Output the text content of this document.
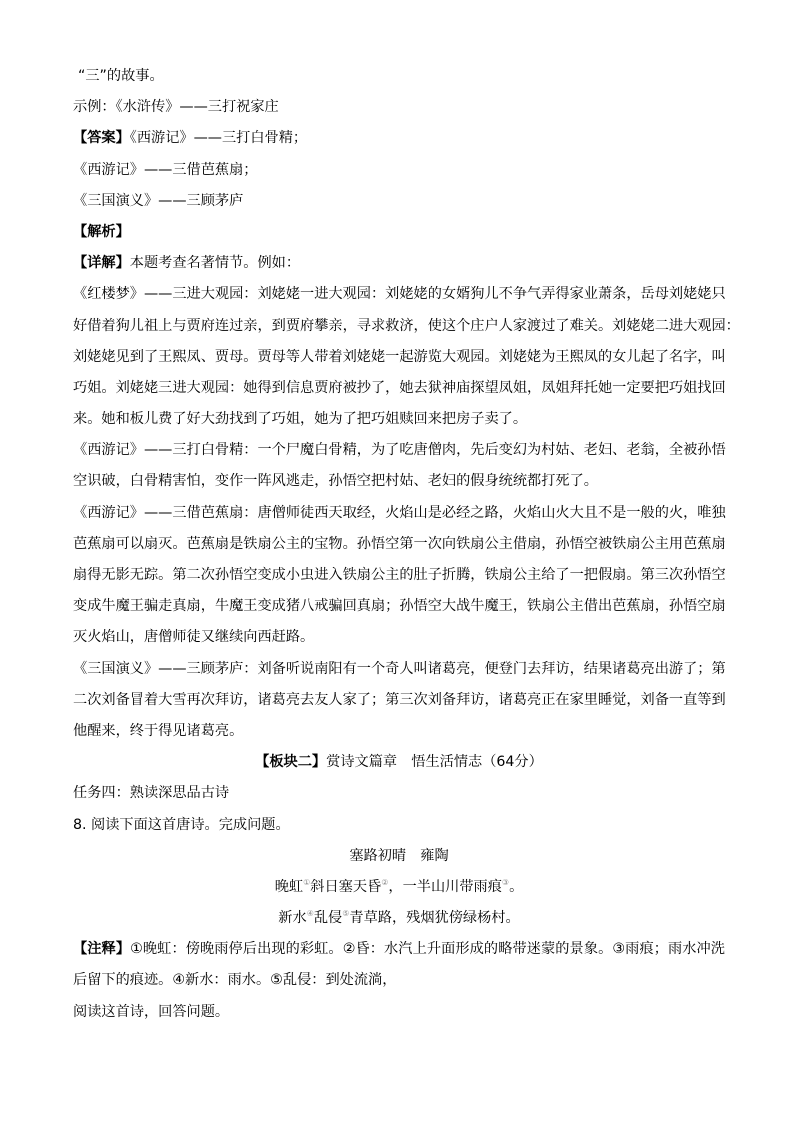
“三”的故事。
示例：《水浒传》——三打祝家庄
【答案】《西游记》——三打白骨精；
《西游记》——三借芭蕉扇；
《三国演义》——三顾茅庐
【解析】
【详解】本题考查名著情节。例如：
《红楼梦》——三进大观园：刘姥姥一进大观园：刘姥姥的女婿狗儿不争气弄得家业萧条，岳母刘姥姥只
好借着狗儿祖上与贾府连过亲，到贾府攀亲，寻求救济，使这个庄户人家渡过了难关。刘姥姥二进大观园：
刘姥姥见到了王熙凤、贾母。贾母等人带着刘姥姥一起游览大观园。刘姥姥为王熙凤的女儿起了名字，叫
巧姐。刘姥姥三进大观园：她得到信息贾府被抄了，她去狱神庙探望凤姐，凤姐拜托她一定要把巧姐找回
来。她和板儿费了好大劲找到了巧姐，她为了把巧姐赎回来把房子卖了。
《西游记》——三打白骨精：一个尸魔白骨精，为了吃唐僧肉，先后变幻为村姑、老妇、老翁，全被孙悟
空识破，白骨精害怕，变作一阵风逃走，孙悟空把村姑、老妇的假身统统都打死了。
《西游记》——三借芭蕉扇：唐僧师徒西天取经，火焰山是必经之路，火焰山火大且不是一般的火，唯独
芭蕉扇可以扇灭。芭蕉扇是铁扇公主的宝物。孙悟空第一次向铁扇公主借扇，孙悟空被铁扇公主用芭蕉扇
扇得无影无踪。第二次孙悟空变成小虫进入铁扇公主的肚子折腾，铁扇公主给了一把假扇。第三次孙悟空
变成牛魔王骗走真扇，牛魔王变成猪八戒骗回真扇；孙悟空大战牛魔王，铁扇公主借出芭蕉扇，孙悟空扇
灭火焰山，唐僧师徒又继续向西赶路。
《三国演义》——三顾茅庐：刘备听说南阳有一个奇人叫诸葛亮，便登门去拜访，结果诸葛亮出游了；第
二次刘备冒着大雪再次拜访，诸葛亮去友人家了；第三次刘备拜访，诸葛亮正在家里睡觉，刘备一直等到
他醒来，终于得见诸葛亮。
【板块二】赏诗文篇章　悟生活情志（64分）
任务四：熟读深思品古诗
8. 阅读下面这首唐诗。完成问题。
塞路初晴　雍陶
晚虹①斜日塞天昏②，一半山川带雨痕③。
新水④乱侵⑤青草路，残烟犹傍绿杨村。
【注释】①晚虹：傍晚雨停后出现的彩虹。②昏：水汽上升面形成的略带迷蒙的景象。③雨痕；雨水冲洗
后留下的痕迹。④新水：雨水。⑤乱侵：到处流淌，
阅读这首诗，回答问题。
